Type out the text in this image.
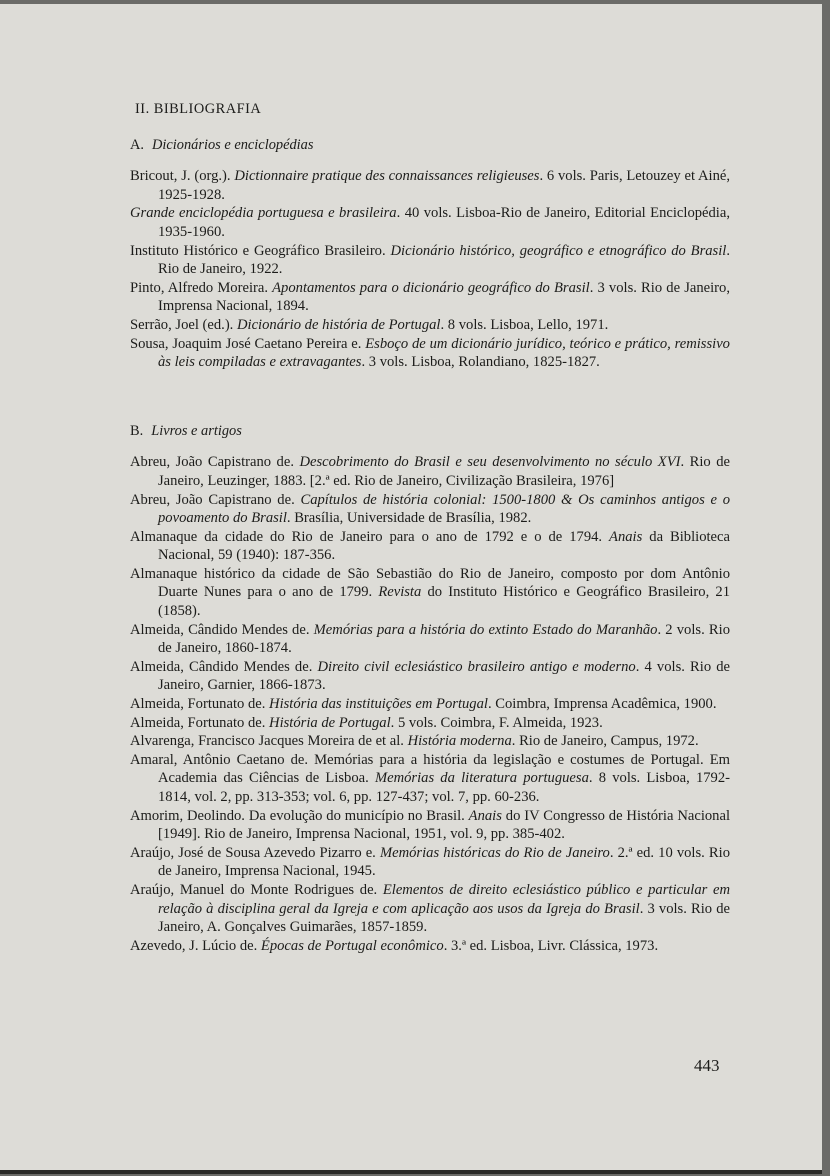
II. BIBLIOGRAFIA
A. Dicionários e enciclopédias
Bricout, J. (org.). Dictionnaire pratique des connaissances religieuses. 6 vols. Paris, Letouzey et Ainé, 1925-1928.
Grande enciclopédia portuguesa e brasileira. 40 vols. Lisboa-Rio de Janeiro, Editorial Enciclopédia, 1935-1960.
Instituto Histórico e Geográfico Brasileiro. Dicionário histórico, geográfico e etnográfico do Brasil. Rio de Janeiro, 1922.
Pinto, Alfredo Moreira. Apontamentos para o dicionário geográfico do Brasil. 3 vols. Rio de Janeiro, Imprensa Nacional, 1894.
Serrão, Joel (ed.). Dicionário de história de Portugal. 8 vols. Lisboa, Lello, 1971.
Sousa, Joaquim José Caetano Pereira e. Esboço de um dicionário jurídico, teórico e prático, remissivo às leis compiladas e extravagantes. 3 vols. Lisboa, Rolandiano, 1825-1827.
B. Livros e artigos
Abreu, João Capistrano de. Descobrimento do Brasil e seu desenvolvimento no século XVI. Rio de Janeiro, Leuzinger, 1883. [2.ª ed. Rio de Janeiro, Civilização Brasileira, 1976]
Abreu, João Capistrano de. Capítulos de história colonial: 1500-1800 & Os caminhos antigos e o povoamento do Brasil. Brasília, Universidade de Brasília, 1982.
Almanaque da cidade do Rio de Janeiro para o ano de 1792 e o de 1794. Anais da Biblioteca Nacional, 59 (1940): 187-356.
Almanaque histórico da cidade de São Sebastião do Rio de Janeiro, composto por dom Antônio Duarte Nunes para o ano de 1799. Revista do Instituto Histórico e Geográfico Brasileiro, 21 (1858).
Almeida, Cândido Mendes de. Memórias para a história do extinto Estado do Maranhão. 2 vols. Rio de Janeiro, 1860-1874.
Almeida, Cândido Mendes de. Direito civil eclesiástico brasileiro antigo e moderno. 4 vols. Rio de Janeiro, Garnier, 1866-1873.
Almeida, Fortunato de. História das instituições em Portugal. Coimbra, Imprensa Acadêmica, 1900.
Almeida, Fortunato de. História de Portugal. 5 vols. Coimbra, F. Almeida, 1923.
Alvarenga, Francisco Jacques Moreira de et al. História moderna. Rio de Janeiro, Campus, 1972.
Amaral, Antônio Caetano de. Memórias para a história da legislação e costumes de Portugal. Em Academia das Ciências de Lisboa. Memórias da literatura portuguesa. 8 vols. Lisboa, 1792-1814, vol. 2, pp. 313-353; vol. 6, pp. 127-437; vol. 7, pp. 60-236.
Amorim, Deolindo. Da evolução do município no Brasil. Anais do IV Congresso de História Nacional [1949]. Rio de Janeiro, Imprensa Nacional, 1951, vol. 9, pp. 385-402.
Araújo, José de Sousa Azevedo Pizarro e. Memórias históricas do Rio de Janeiro. 2.ª ed. 10 vols. Rio de Janeiro, Imprensa Nacional, 1945.
Araújo, Manuel do Monte Rodrigues de. Elementos de direito eclesiástico público e particular em relação à disciplina geral da Igreja e com aplicação aos usos da Igreja do Brasil. 3 vols. Rio de Janeiro, A. Gonçalves Guimarães, 1857-1859.
Azevedo, J. Lúcio de. Épocas de Portugal econômico. 3.ª ed. Lisboa, Livr. Clássica, 1973.
443
